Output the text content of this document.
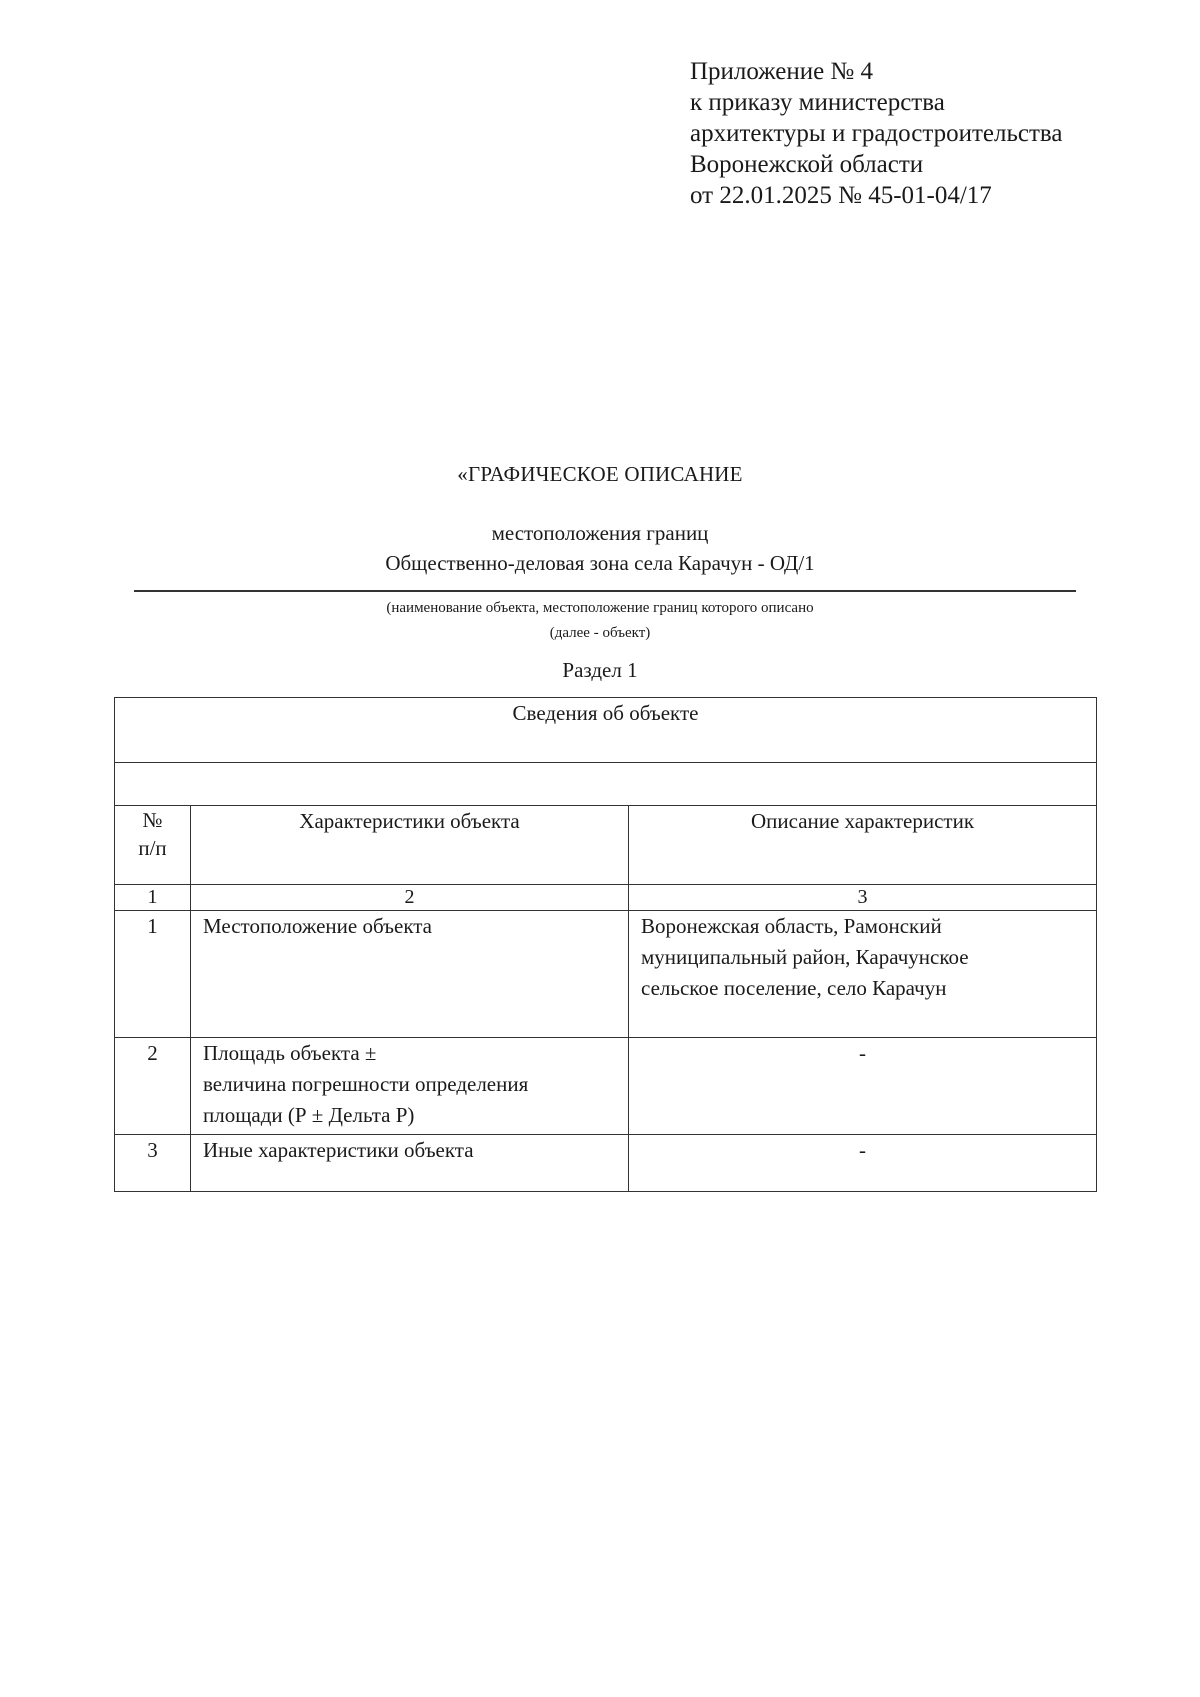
Приложение № 4
к приказу министерства
архитектуры и градостроительства
Воронежской области
от 22.01.2025 № 45-01-04/17
«ГРАФИЧЕСКОЕ ОПИСАНИЕ
местоположения границ
Общественно-деловая зона села Карачун - ОД/1
(наименование объекта, местоположение границ которого описано
(далее - объект)
Раздел 1
Сведения об объекте		

№
п/п	Характеристики объекта	Описание характеристик
1	2	3
1	Местоположение объекта	Воронежская область, Рамонский
муниципальный район, Карачунское
сельское поселение, село Карачун

2	Площадь объекта ±
величина погрешности определения
площади (Р ± Дельта Р)	-
3	Иные характеристики объекта	-
